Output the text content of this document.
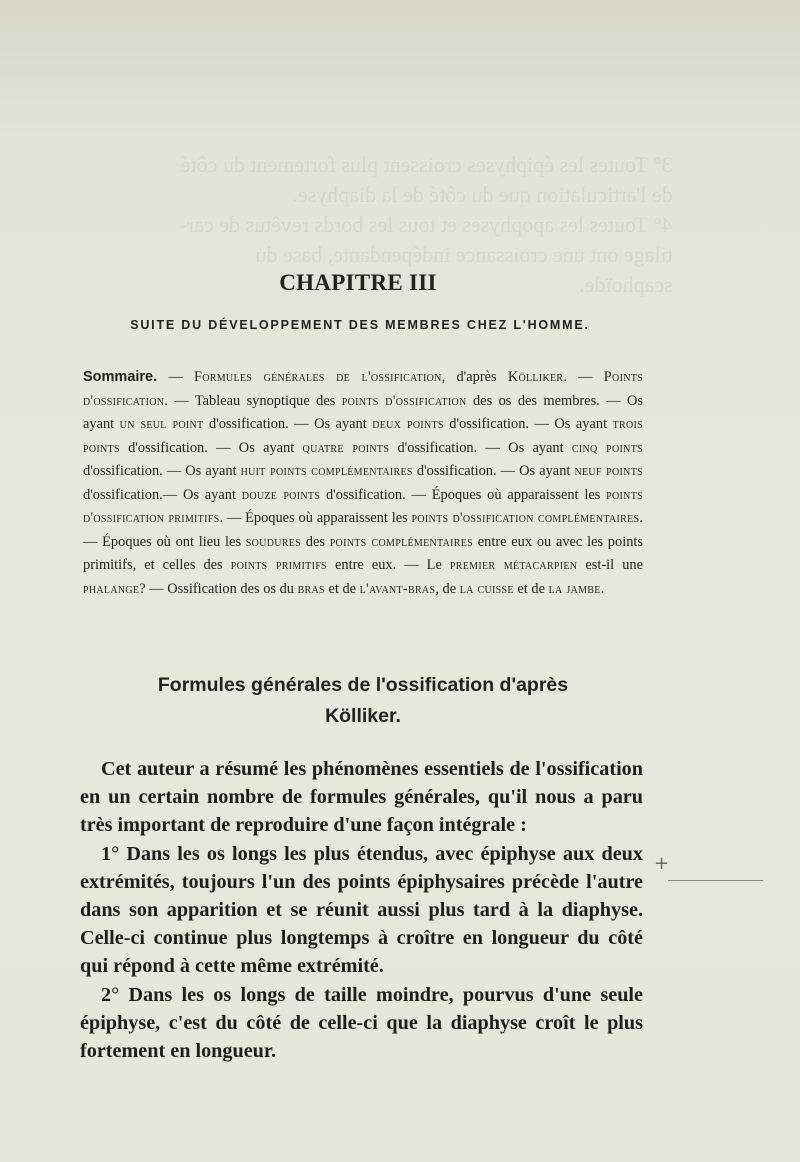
3° Toutes les épiphyses croissent plus fortement du côté
de l'articulation que du côté de la diaphyse.
4° Toutes les apophyses et tous les bords revêtus de car-
tilage ont une croissance indépendante, base du
scaphoïde.
CHAPITRE III
SUITE DU DÉVELOPPEMENT DES MEMBRES CHEZ L'HOMME.
Sommaire. — Formules générales de l'ossification, d'après Kölliker. — Points d'ossification. — Tableau synoptique des points d'ossification des os des membres. — Os ayant un seul point d'ossification. — Os ayant deux points d'ossification. — Os ayant trois points d'ossification. — Os ayant quatre points d'ossification. — Os ayant cinq points d'ossification. — Os ayant huit points complémentaires d'ossification. — Os ayant neuf points d'ossification.— Os ayant douze points d'ossification. — Époques où apparaissent les points d'ossification primitifs. — Époques où apparaissent les points d'ossification complémentaires.— Époques où ont lieu les soudures des points complémentaires entre eux ou avec les points primitifs, et celles des points primitifs entre eux. — Le premier métacarpien est-il une phalange? — Ossification des os du bras et de l'avant-bras, de la cuisse et de la jambe.
Formules générales de l'ossification d'après
Kölliker.

Cet auteur a résumé les phénomènes essentiels de l'ossification en un certain nombre de formules générales, qu'il nous a paru très important de reproduire d'une façon intégrale :

1° Dans les os longs les plus étendus, avec épiphyse aux deux extrémités, toujours l'un des points épiphysaires précède l'autre dans son apparition et se réunit aussi plus tard à la diaphyse. Celle-ci continue plus longtemps à croître en longueur du côté qui répond à cette même extrémité.

2° Dans les os longs de taille moindre, pourvus d'une seule épiphyse, c'est du côté de celle-ci que la diaphyse croît le plus fortement en longueur.

+
